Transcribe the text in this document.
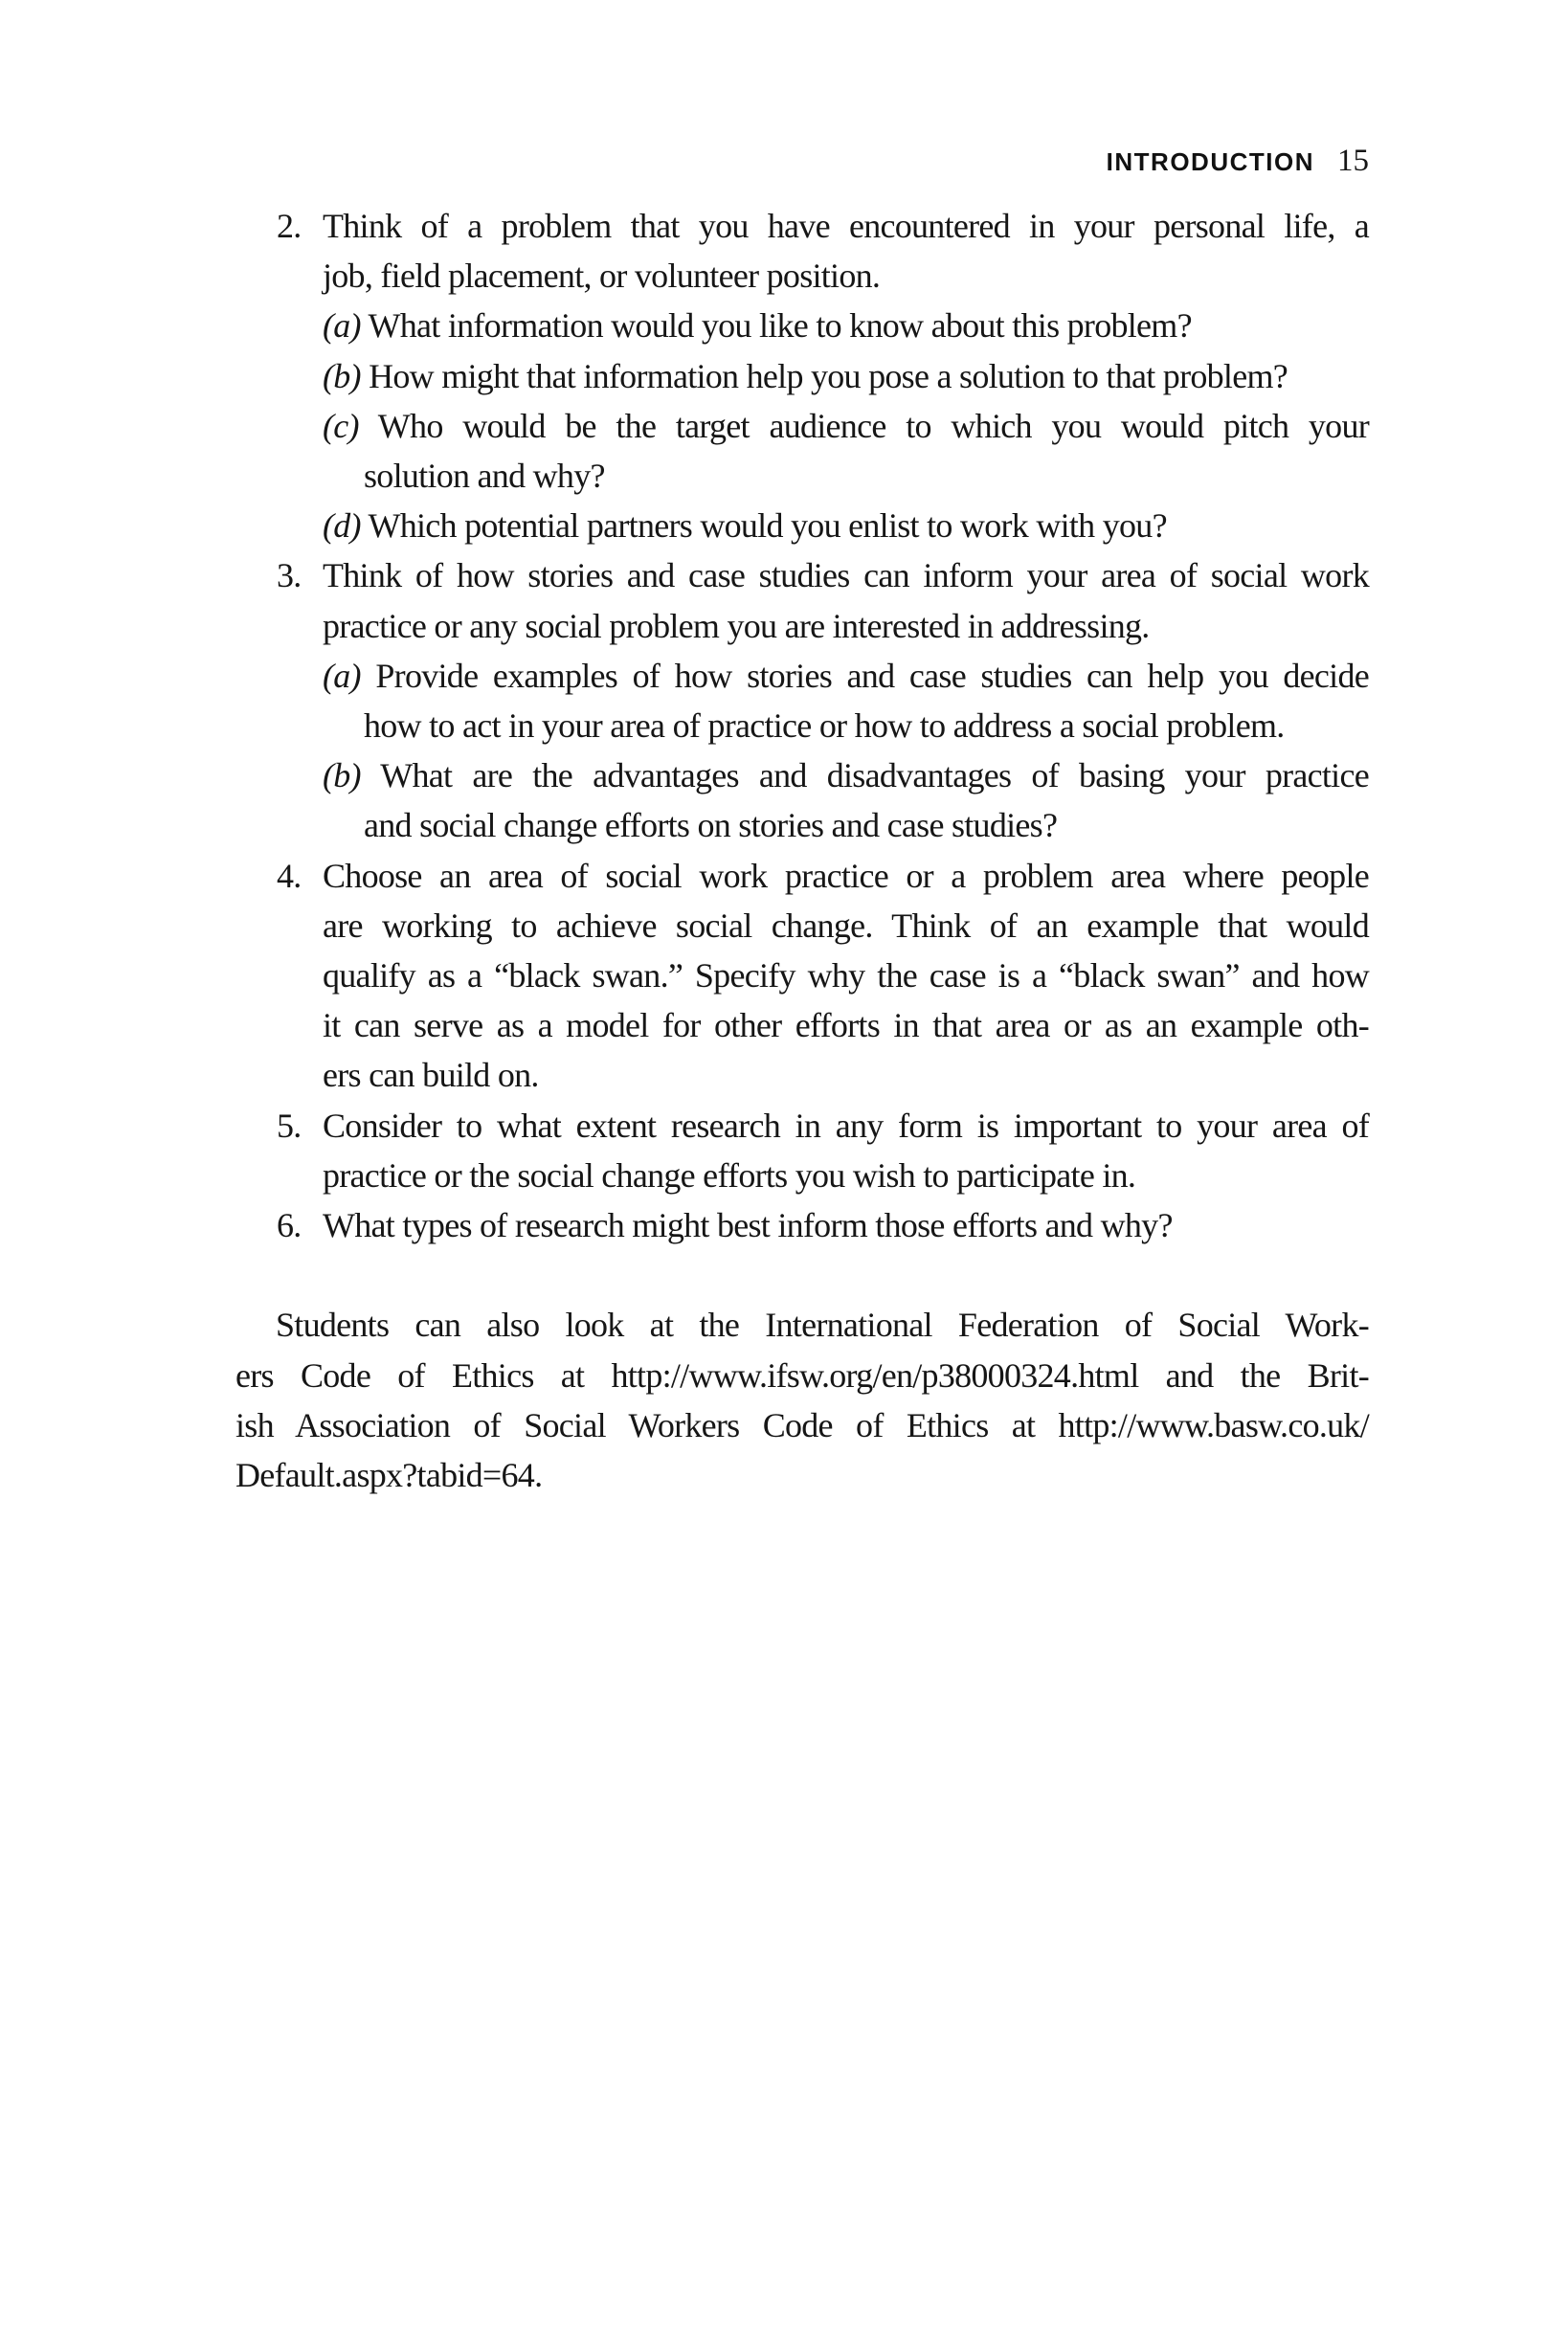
INTRODUCTION 15
2. Think of a problem that you have encountered in your personal life, a
job, field placement, or volunteer position.
(a) What information would you like to know about this problem?
(b) How might that information help you pose a solution to that problem?
(c) Who would be the target audience to which you would pitch your
solution and why?
(d) Which potential partners would you enlist to work with you?
3. Think of how stories and case studies can inform your area of social work
practice or any social problem you are interested in addressing.
(a) Provide examples of how stories and case studies can help you decide
how to act in your area of practice or how to address a social problem.
(b) What are the advantages and disadvantages of basing your practice
and social change efforts on stories and case studies?
4. Choose an area of social work practice or a problem area where people
are working to achieve social change. Think of an example that would
qualify as a “black swan.” Specify why the case is a “black swan” and how
it can serve as a model for other efforts in that area or as an example oth-
ers can build on.
5. Consider to what extent research in any form is important to your area of
practice or the social change efforts you wish to participate in.
6. What types of research might best inform those efforts and why?
Students can also look at the International Federation of Social Work-
ers Code of Ethics at http://www.ifsw.org/en/p38000324.html and the Brit-
ish Association of Social Workers Code of Ethics at http://www.basw.co.uk/
Default.aspx?tabid=64.
